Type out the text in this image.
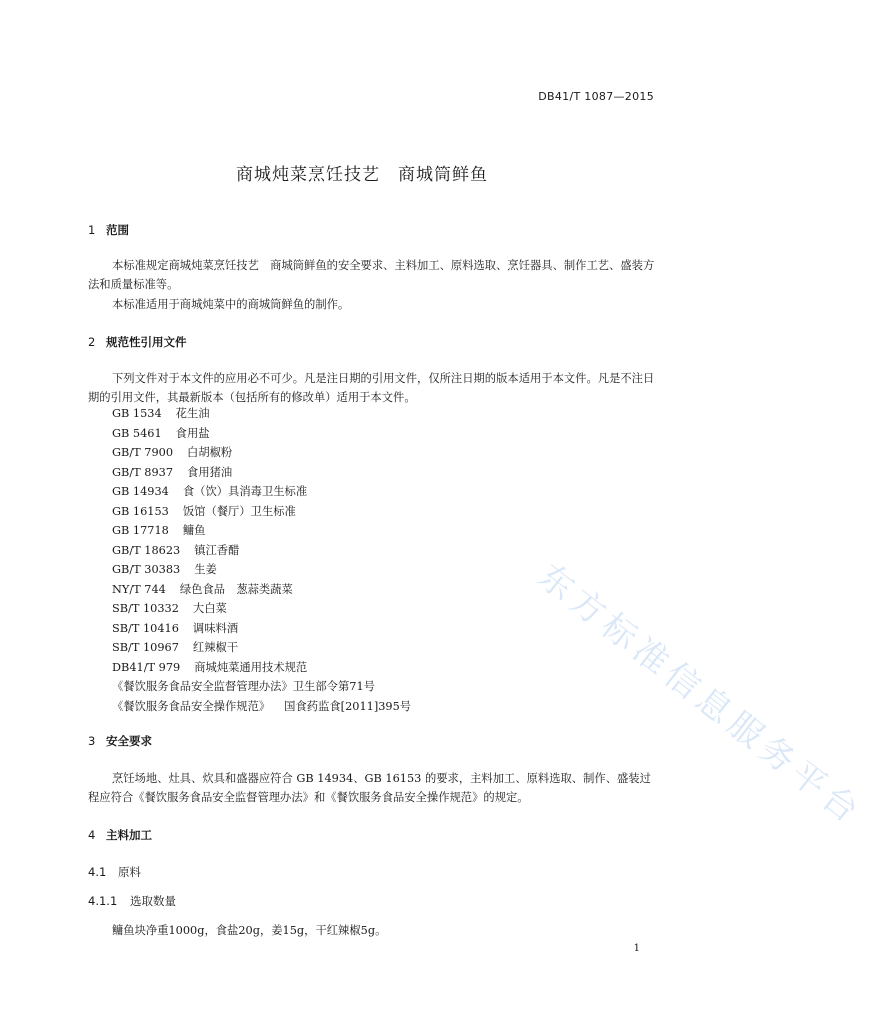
东方标准信息服务平台
DB41/T 1087—2015
商城炖菜烹饪技艺　商城筒鲜鱼
1 范围
本标准规定商城炖菜烹饪技艺　商城筒鲜鱼的安全要求、主料加工、原料选取、烹饪器具、制作工艺、盛装方法和质量标准等。
本标准适用于商城炖菜中的商城筒鲜鱼的制作。
2 规范性引用文件
下列文件对于本文件的应用必不可少。凡是注日期的引用文件，仅所注日期的版本适用于本文件。凡是不注日期的引用文件，其最新版本（包括所有的修改单）适用于本文件。
GB 1534 花生油
GB 5461 食用盐
GB/T 7900 白胡椒粉
GB/T 8937 食用猪油
GB 14934 食（饮）具消毒卫生标准
GB 16153 饭馆（餐厅）卫生标准
GB 17718 鳙鱼
GB/T 18623 镇江香醋
GB/T 30383 生姜
NY/T 744 绿色食品　葱蒜类蔬菜
SB/T 10332 大白菜
SB/T 10416 调味料酒
SB/T 10967 红辣椒干
DB41/T 979 商城炖菜通用技术规范
《餐饮服务食品安全监督管理办法》卫生部令第71号
《餐饮服务食品安全操作规范》 国食药监食[2011]395号
3 安全要求
烹饪场地、灶具、炊具和盛器应符合 GB 14934、GB 16153 的要求，主料加工、原料选取、制作、盛装过程应符合《餐饮服务食品安全监督管理办法》和《餐饮服务食品安全操作规范》的规定。
4 主料加工
4.1 原料
4.1.1 选取数量
鳙鱼块净重1000g，食盐20g，姜15g，干红辣椒5g。
1
